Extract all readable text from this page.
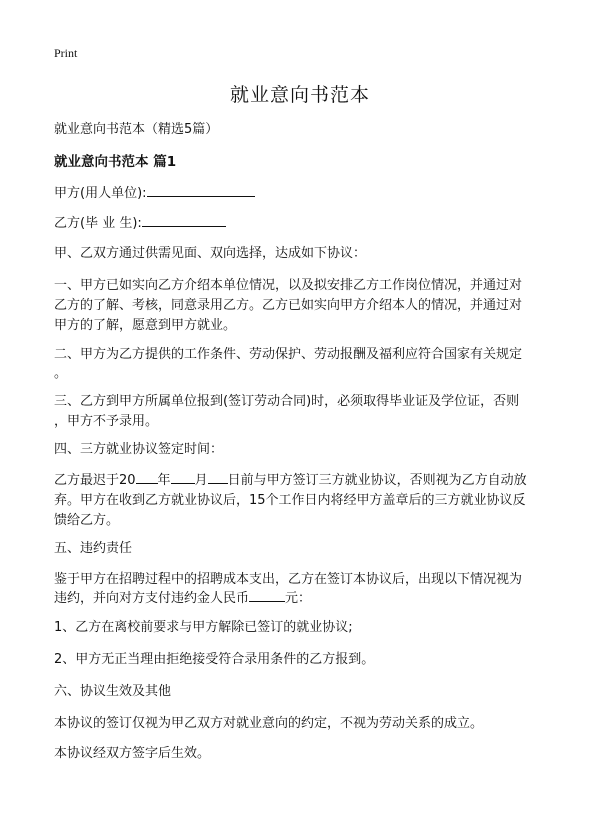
Print
就业意向书范本

就业意向书范本（精选5篇）

就业意向书范本 篇1

甲方(用人单位):

乙方(毕 业 生):

甲、乙双方通过供需见面、双向选择，达成如下协议：

一、甲方已如实向乙方介绍本单位情况，以及拟安排乙方工作岗位情况，并通过对

乙方的了解、考核，同意录用乙方。乙方已如实向甲方介绍本人的情况，并通过对

甲方的了解，愿意到甲方就业。

二、甲方为乙方提供的工作条件、劳动保护、劳动报酬及福利应符合国家有关规定

。

三、乙方到甲方所属单位报到(签订劳动合同)时，必须取得毕业证及学位证，否则

，甲方不予录用。

四、三方就业协议签定时间：

乙方最迟于20 年 月 日前与甲方签订三方就业协议，否则视为乙方自动放

弃。甲方在收到乙方就业协议后，15个工作日内将经甲方盖章后的三方就业协议反

馈给乙方。

五、违约责任

鉴于甲方在招聘过程中的招聘成本支出，乙方在签订本协议后，出现以下情况视为

违约，并向对方支付违约金人民币	元：

1、乙方在离校前要求与甲方解除已签订的就业协议;

2、甲方无正当理由拒绝接受符合录用条件的乙方报到。

六、协议生效及其他

本协议的签订仅视为甲乙双方对就业意向的约定，不视为劳动关系的成立。

本协议经双方签字后生效。
